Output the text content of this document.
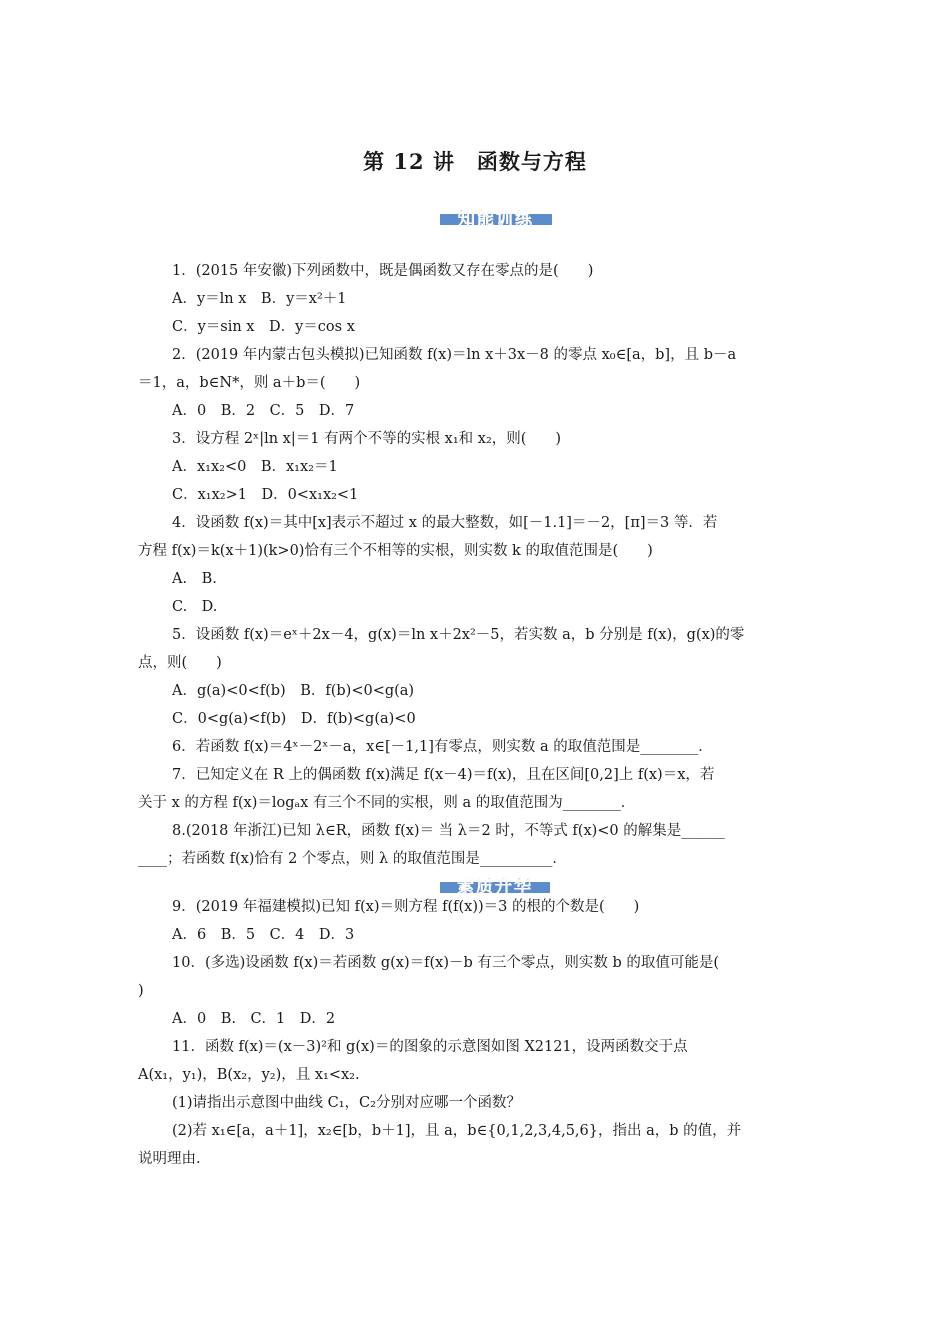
第 12 讲　函数与方程
知能训练
1．(2015 年安徽)下列函数中，既是偶函数又存在零点的是(　　)
A．y＝ln x　B．y＝x²＋1
C．y＝sin x　D．y＝cos x
2．(2019 年内蒙古包头模拟)已知函数 f(x)＝ln x＋3x－8 的零点 x₀∈[a，b]，且 b－a
＝1，a，b∈N*，则 a＋b＝(　　)
A．0　B．2　C．5　D．7
3．设方程 2ˣ|ln x|＝1 有两个不等的实根 x₁和 x₂，则(　　)
A．x₁x₂<0　B．x₁x₂＝1
C．x₁x₂>1　D．0<x₁x₂<1
4．设函数 f(x)＝其中[x]表示不超过 x 的最大整数，如[－1.1]＝－2，[π]＝3 等．若
方程 f(x)＝k(x＋1)(k>0)恰有三个不相等的实根，则实数 k 的取值范围是(　　)
A.　B.
C.　D.
5．设函数 f(x)＝eˣ＋2x－4，g(x)＝ln x＋2x²－5，若实数 a，b 分别是 f(x)，g(x)的零
点，则(　　)
A．g(a)<0<f(b)　B．f(b)<0<g(a)
C．0<g(a)<f(b)　D．f(b)<g(a)<0
6．若函数 f(x)＝4ˣ－2ˣ－a，x∈[－1,1]有零点，则实数 a 的取值范围是________．
7．已知定义在 R 上的偶函数 f(x)满足 f(x－4)＝f(x)，且在区间[0,2]上 f(x)＝x，若
关于 x 的方程 f(x)＝logₐx 有三个不同的实根，则 a 的取值范围为________．
8.(2018 年浙江)已知 λ∈R，函数 f(x)＝ 当 λ＝2 时，不等式 f(x)<0 的解集是______
____；若函数 f(x)恰有 2 个零点，则 λ 的取值范围是__________．
素质升华
9．(2019 年福建模拟)已知 f(x)＝则方程 f(f(x))＝3 的根的个数是(　　)
A．6　B．5　C．4　D．3
10．(多选)设函数 f(x)＝若函数 g(x)＝f(x)－b 有三个零点，则实数 b 的取值可能是(
)
A．0　B.　C．1　D．2
11．函数 f(x)＝(x－3)²和 g(x)＝的图象的示意图如图 X2121，设两函数交于点
A(x₁，y₁)，B(x₂，y₂)，且 x₁<x₂.
(1)请指出示意图中曲线 C₁，C₂分别对应哪一个函数？
(2)若 x₁∈[a，a＋1]，x₂∈[b，b＋1]，且 a，b∈{0,1,2,3,4,5,6}，指出 a，b 的值，并
说明理由.
